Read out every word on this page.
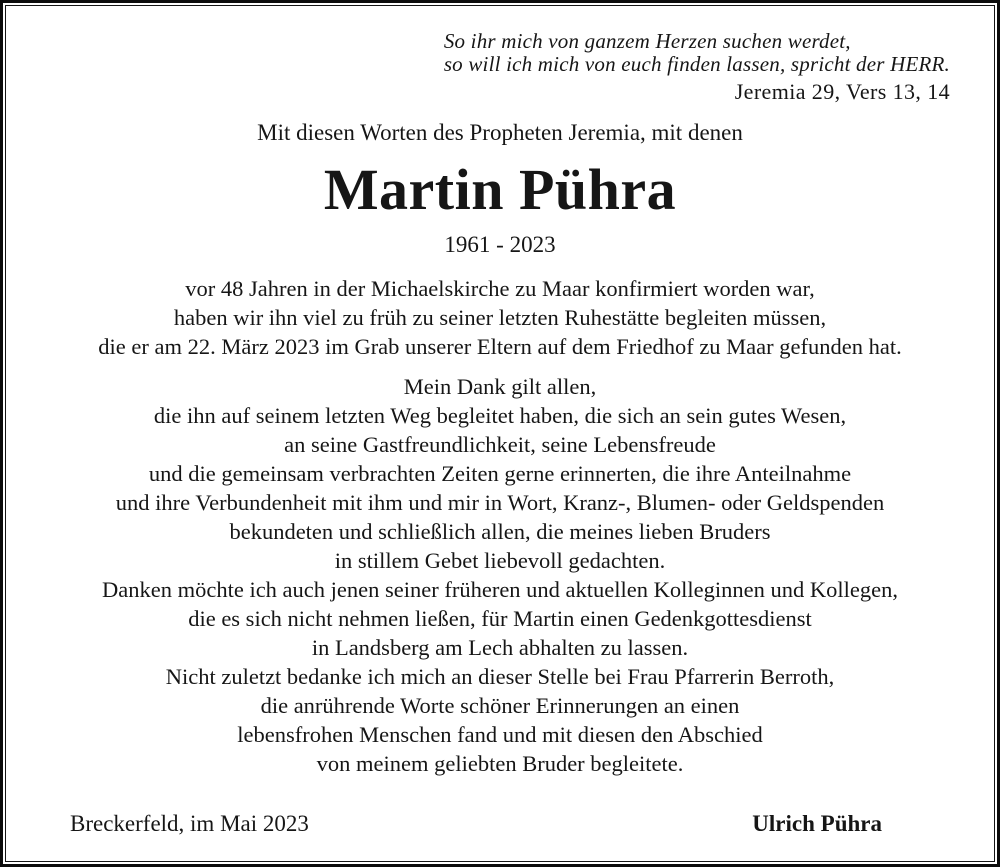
So ihr mich von ganzem Herzen suchen werdet,
so will ich mich von euch finden lassen, spricht der HERR.
Jeremia 29, Vers 13, 14
Mit diesen Worten des Propheten Jeremia, mit denen
Martin Pühra
1961 - 2023
vor 48 Jahren in der Michaelskirche zu Maar konfirmiert worden war,
haben wir ihn viel zu früh zu seiner letzten Ruhestätte begleiten müssen,
die er am 22. März 2023 im Grab unserer Eltern auf dem Friedhof zu Maar gefunden hat.
Mein Dank gilt allen,
die ihn auf seinem letzten Weg begleitet haben, die sich an sein gutes Wesen,
an seine Gastfreundlichkeit, seine Lebensfreude
und die gemeinsam verbrachten Zeiten gerne erinnerten, die ihre Anteilnahme
und ihre Verbundenheit mit ihm und mir in Wort, Kranz-, Blumen- oder Geldspenden
bekundeten und schließlich allen, die meines lieben Bruders
in stillem Gebet liebevoll gedachten.
Danken möchte ich auch jenen seiner früheren und aktuellen Kolleginnen und Kollegen,
die es sich nicht nehmen ließen, für Martin einen Gedenkgottesdienst
in Landsberg am Lech abhalten zu lassen.
Nicht zuletzt bedanke ich mich an dieser Stelle bei Frau Pfarrerin Berroth,
die anrührende Worte schöner Erinnerungen an einen
lebensfrohen Menschen fand und mit diesen den Abschied
von meinem geliebten Bruder begleitete.
Breckerfeld, im Mai 2023	Ulrich Pühra
